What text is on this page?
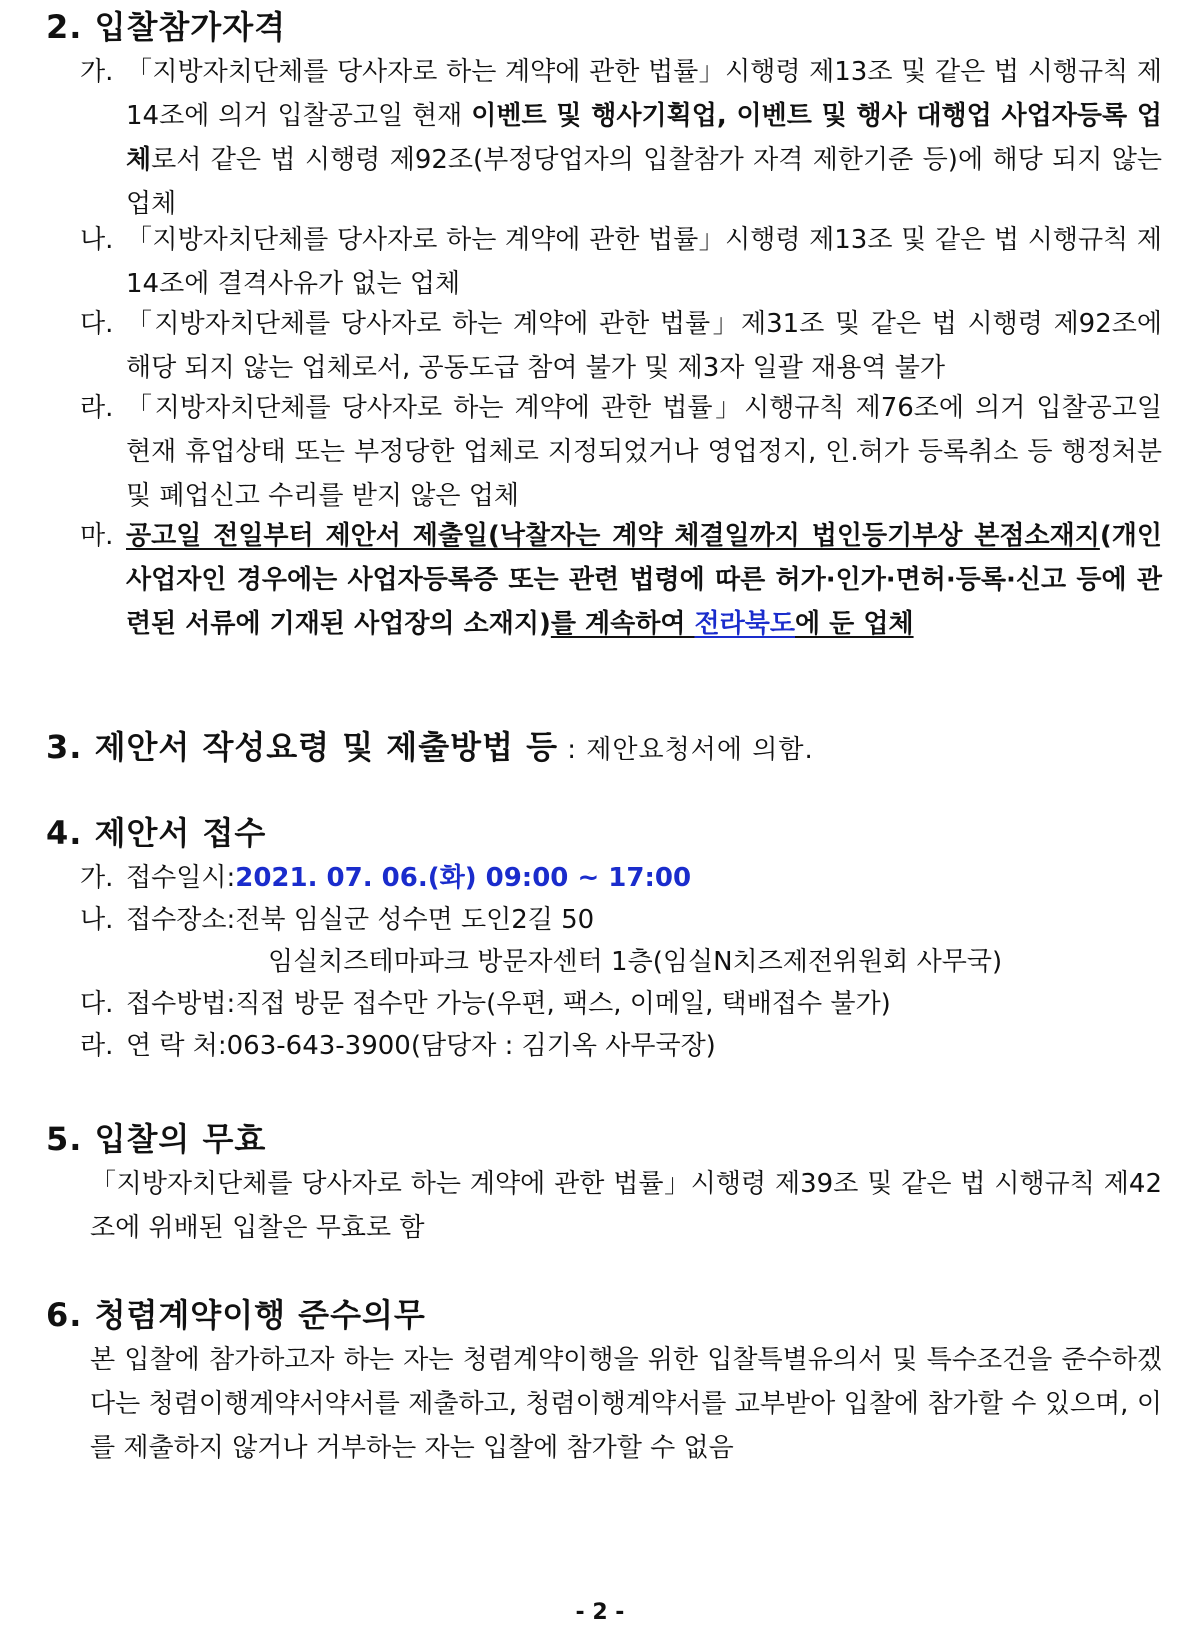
2. 입찰참가자격
가. 「지방자치단체를 당사자로 하는 계약에 관한 법률」시행령 제13조 및 같은 법 시행규칙 제14조에 의거 입찰공고일 현재 이벤트 및 행사기획업, 이벤트 및 행사 대행업 사업자등록 업체로서 같은 법 시행령 제92조(부정당업자의 입찰참가 자격 제한기준 등)에 해당 되지 않는 업체
나. 「지방자치단체를 당사자로 하는 계약에 관한 법률」시행령 제13조 및 같은 법 시행규칙 제14조에 결격사유가 없는 업체
다. 「지방자치단체를 당사자로 하는 계약에 관한 법률」제31조 및 같은 법 시행령 제92조에 해당 되지 않는 업체로서, 공동도급 참여 불가 및 제3자 일괄 재용역 불가
라. 「지방자치단체를 당사자로 하는 계약에 관한 법률」시행규칙 제76조에 의거 입찰공고일 현재 휴업상태 또는 부정당한 업체로 지정되었거나 영업정지, 인.허가 등록취소 등 행정처분 및 폐업신고 수리를 받지 않은 업체
마. 공고일 전일부터 제안서 제출일(낙찰자는 계약 체결일까지 법인등기부상 본점소재지(개인사업자인 경우에는 사업자등록증 또는 관련 법령에 따른 허가·인가·면허·등록·신고 등에 관련된 서류에 기재된 사업장의 소재지)를 계속하여 전라북도에 둔 업체
3. 제안서 작성요령 및 제출방법 등 : 제안요청서에 의함.
4. 제안서 접수
가. 접수일시:2021. 07. 06.(화) 09:00 ~ 17:00
나. 접수장소:전북 임실군 성수면 도인2길 50
임실치즈테마파크 방문자센터 1층(임실N치즈제전위원회 사무국)
다. 접수방법:직접 방문 접수만 가능(우편, 팩스, 이메일, 택배접수 불가)
라. 연 락 처:063-643-3900(담당자 : 김기옥 사무국장)
5. 입찰의 무효
「지방자치단체를 당사자로 하는 계약에 관한 법률」시행령 제39조 및 같은 법 시행규칙 제42조에 위배된 입찰은 무효로 함
6. 청렴계약이행 준수의무
본 입찰에 참가하고자 하는 자는 청렴계약이행을 위한 입찰특별유의서 및 특수조건을 준수하겠다는 청렴이행계약서약서를 제출하고, 청렴이행계약서를 교부받아 입찰에 참가할 수 있으며, 이를 제출하지 않거나 거부하는 자는 입찰에 참가할 수 없음
- 2 -
